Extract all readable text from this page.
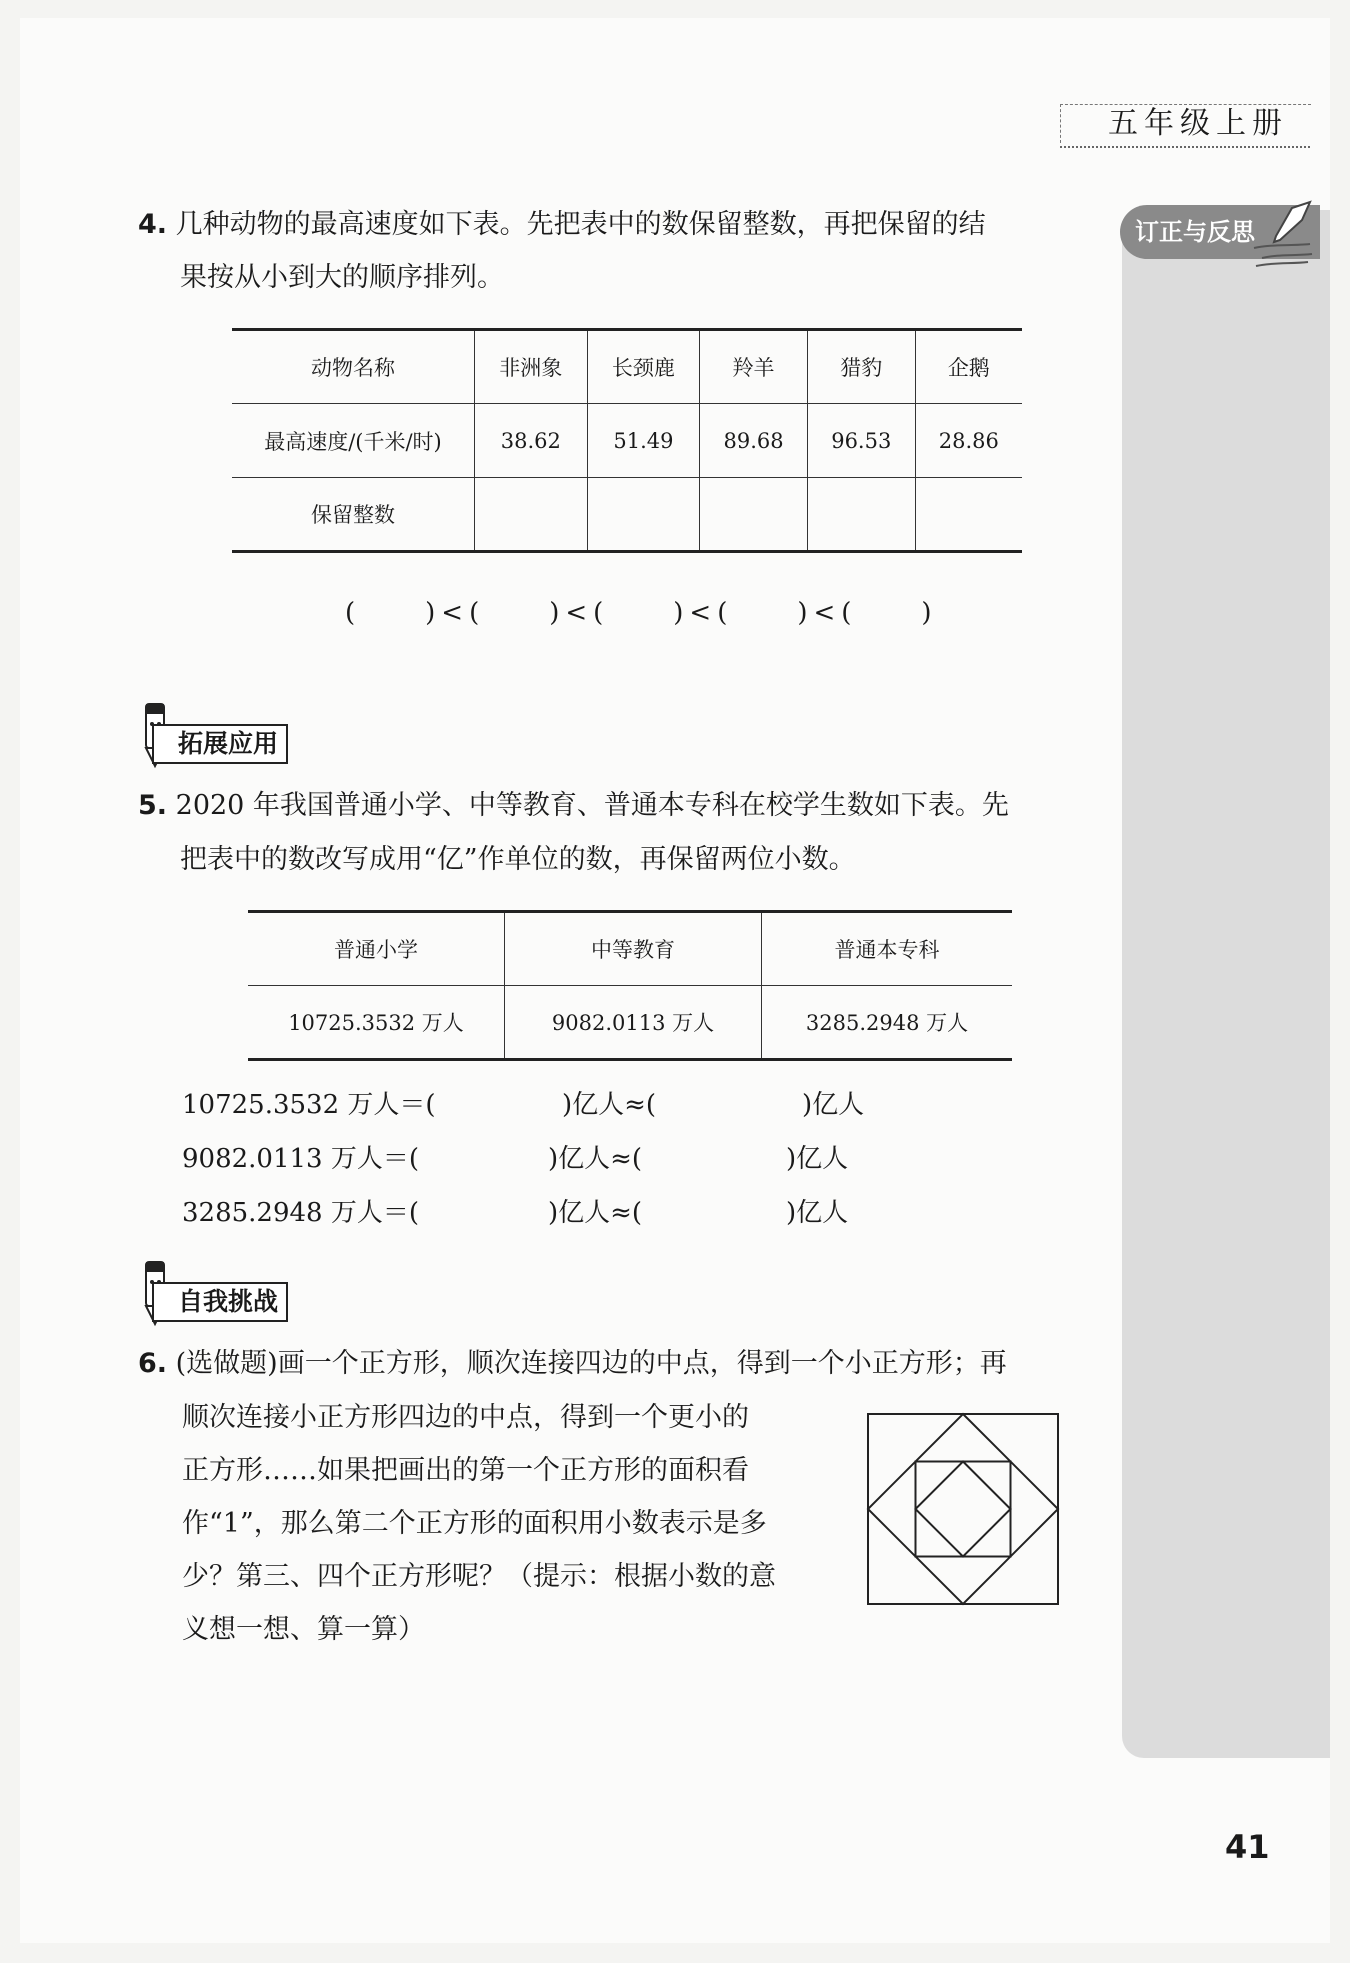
五年级上册
订正与反思
4. 几种动物的最高速度如下表。先把表中的数保留整数，再把保留的结
果按从小到大的顺序排列。
动物名称	非洲象	长颈鹿	羚羊	猎豹	企鹅
最高速度/(千米/时)	38.62	51.49	89.68	96.53	28.86
保留整数					
(　　)<(　　)<(　　)<(　　)<(　　)
拓展应用
5. 2020 年我国普通小学、中等教育、普通本专科在校学生数如下表。先
把表中的数改写成用“亿”作单位的数，再保留两位小数。
普通小学	中等教育	普通本专科
10725.3532 万人	9082.0113 万人	3285.2948 万人
10725.3532 万人＝(	)亿人≈(	)亿人
9082.0113 万人＝(	)亿人≈(	)亿人
3285.2948 万人＝(	)亿人≈(	)亿人
自我挑战
6. (选做题)画一个正方形，顺次连接四边的中点，得到一个小正方形；再
顺次连接小正方形四边的中点，得到一个更小的
正方形……如果把画出的第一个正方形的面积看
作“1”，那么第二个正方形的面积用小数表示是多
少？第三、四个正方形呢？（提示：根据小数的意
义想一想、算一算）
41
